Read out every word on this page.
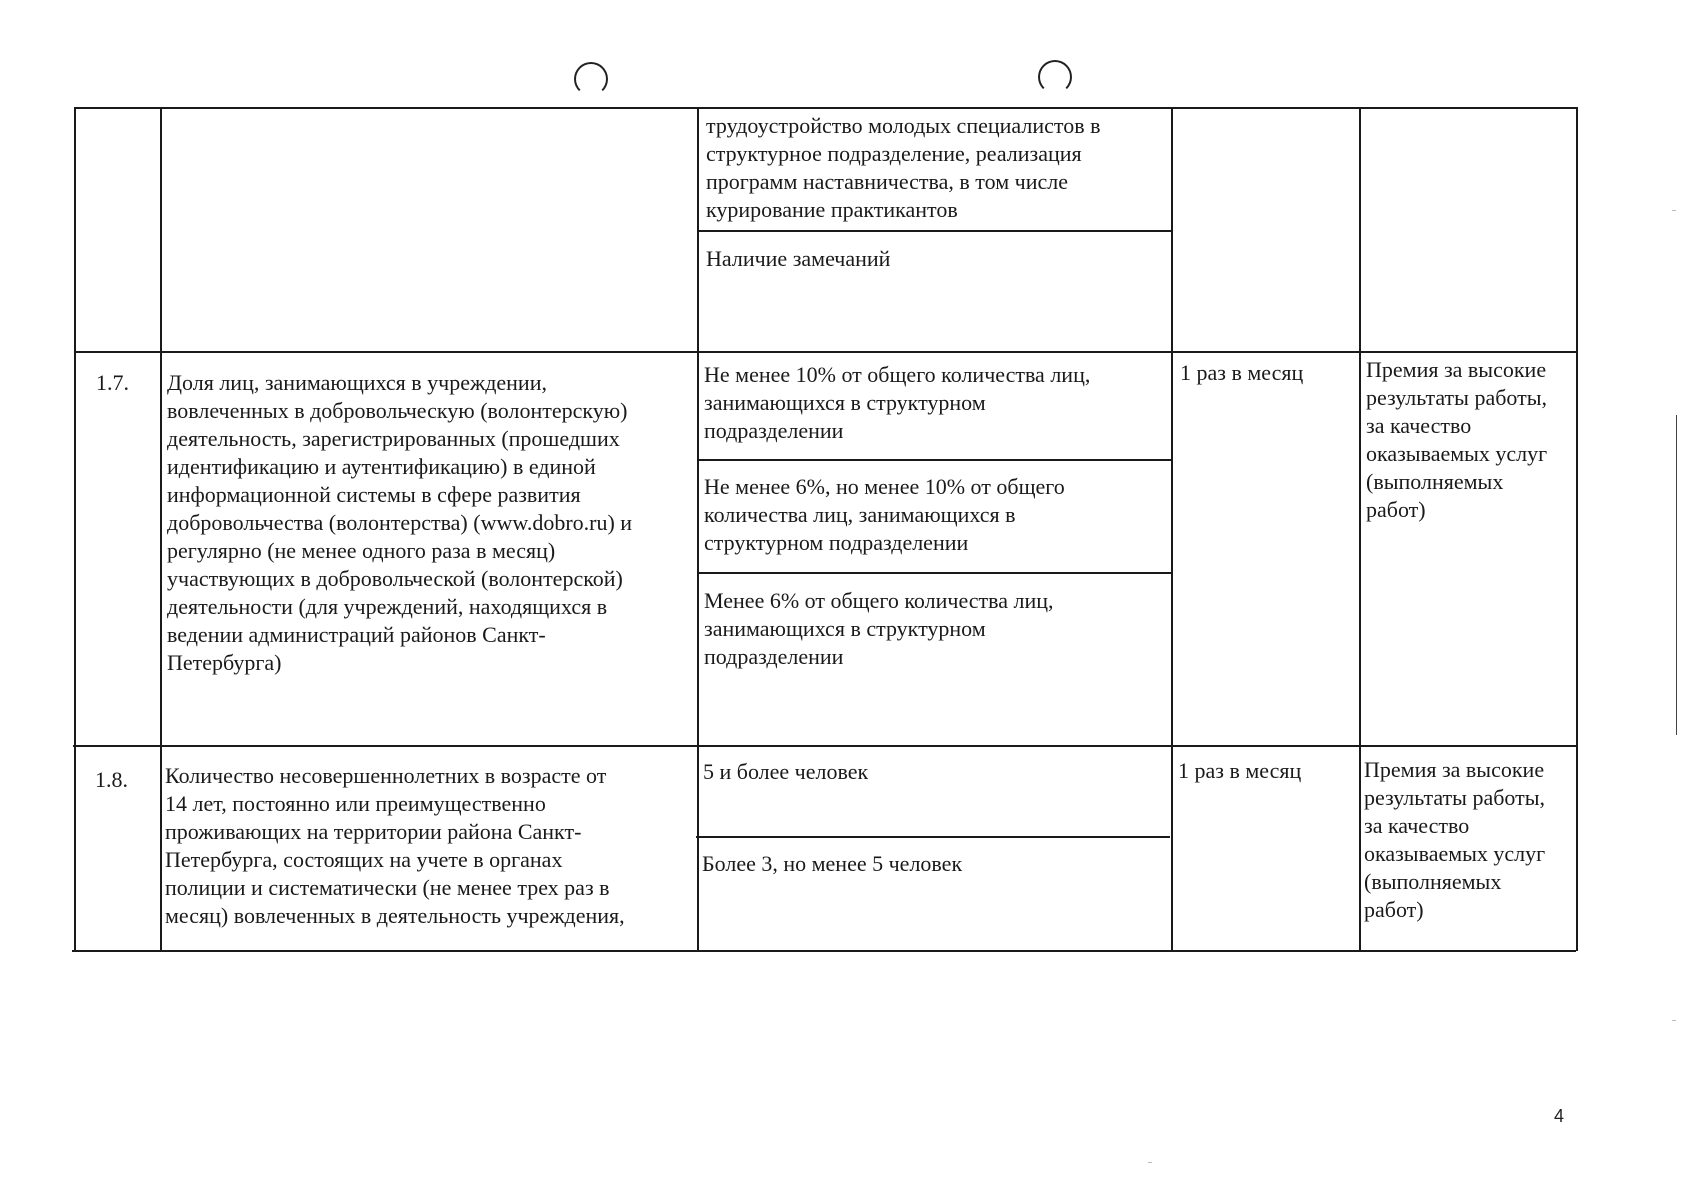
трудоустройство молодых специалистов в
структурное подразделение, реализация
программ наставничества, в том числе
курирование практикантов
Наличие замечаний
1.7. Доля лиц, занимающихся в учреждении,
вовлеченных в добровольческую (волонтерскую)
деятельность, зарегистрированных (прошедших
идентификацию и аутентификацию) в единой
информационной системы в сфере развития
добровольчества (волонтерства) (www.dobro.ru) и
регулярно (не менее одного раза в месяц)
участвующих в добровольческой (волонтерской)
деятельности (для учреждений, находящихся в
ведении администраций районов Санкт-
Петербурга)
Не менее 10% от общего количества лиц,
занимающихся в структурном
подразделении
Не менее 6%, но менее 10% от общего
количества лиц, занимающихся в
структурном подразделении
Менее 6% от общего количества лиц,
занимающихся в структурном
подразделении
1 раз в месяц	Премия за высокие
результаты работы,
за качество
оказываемых услуг
(выполняемых
работ)
1.8. Количество несовершеннолетних в возрасте от
14 лет, постоянно или преимущественно
проживающих на территории района Санкт-
Петербурга, состоящих на учете в органах
полиции и систематически (не менее трех раз в
месяц) вовлеченных в деятельность учреждения,
5 и более человек
Более 3, но менее 5 человек
1 раз в месяц	Премия за высокие
результаты работы,
за качество
оказываемых услуг
(выполняемых
работ)
4
